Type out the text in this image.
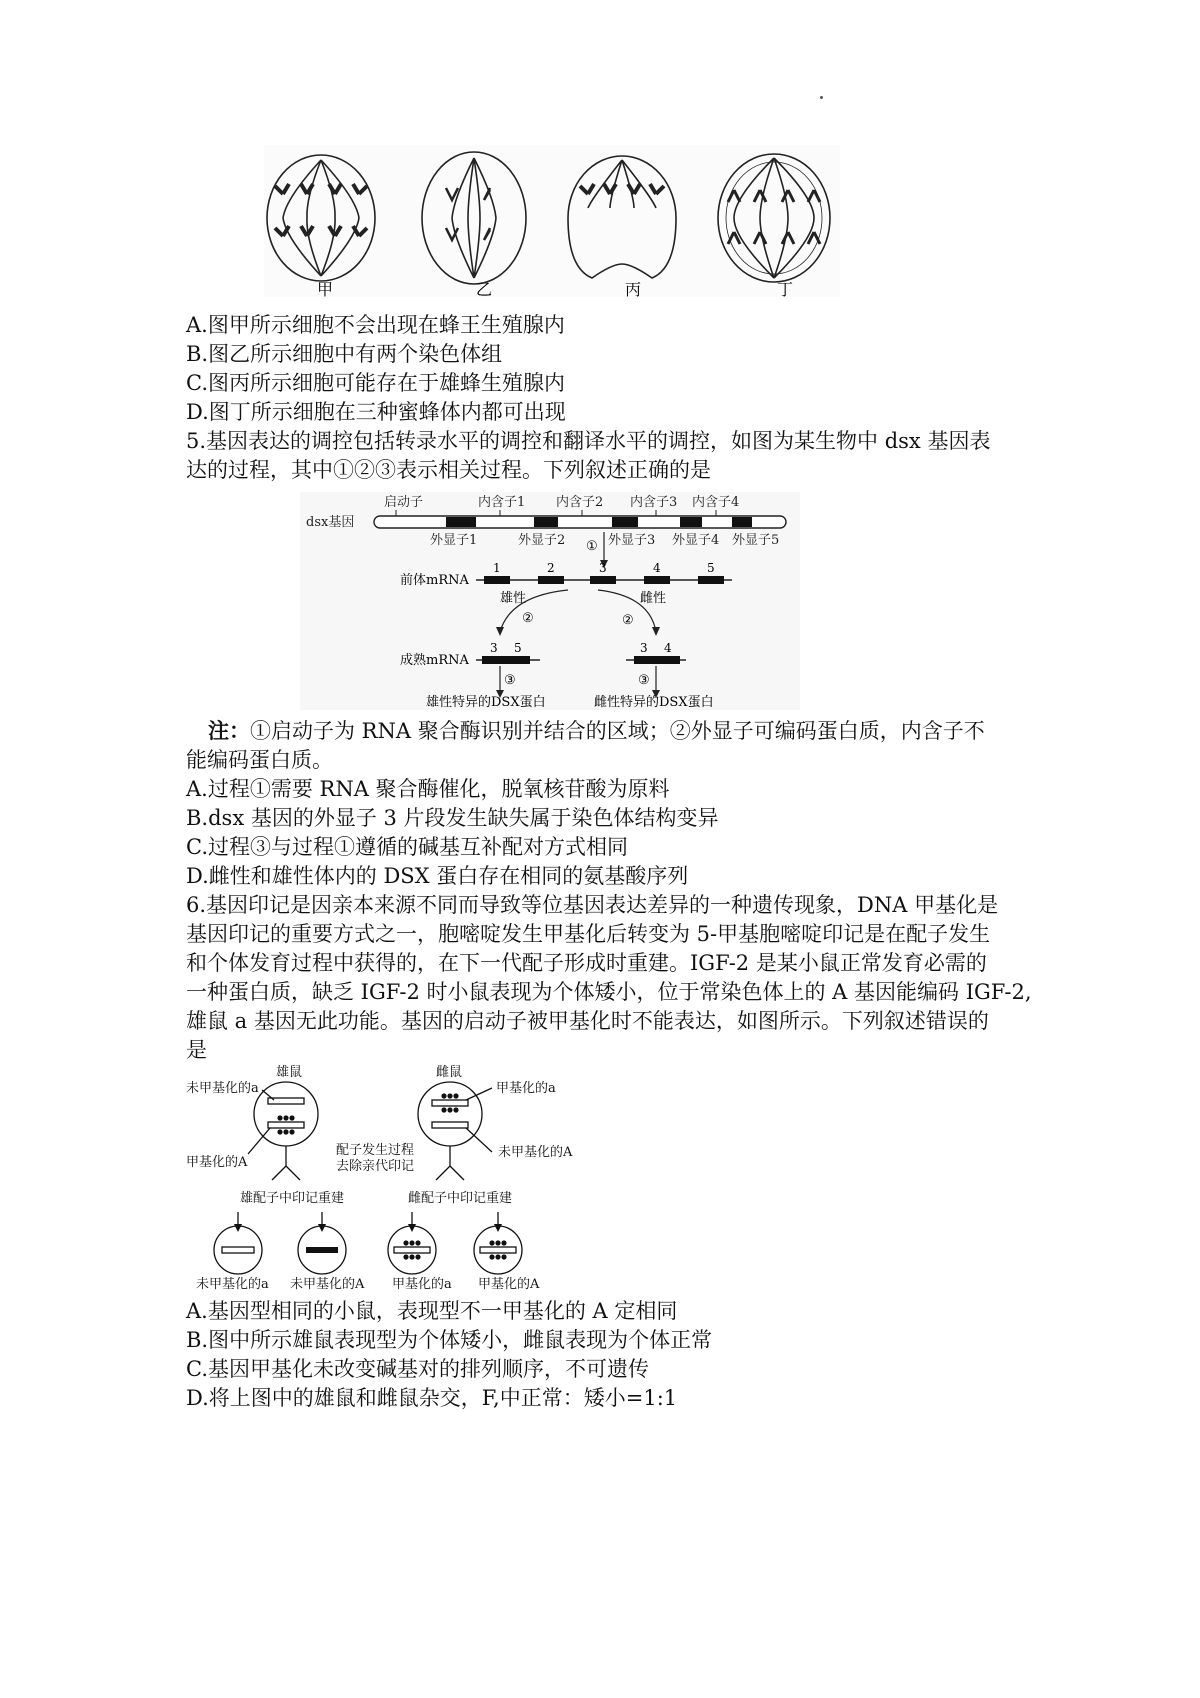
甲	乙	丙	丁
A.图甲所示细胞不会出现在蜂王生殖腺内
B.图乙所示细胞中有两个染色体组
C.图丙所示细胞可能存在于雄蜂生殖腺内
D.图丁所示细胞在三种蜜蜂体内都可出现
5.基因表达的调控包括转录水平的调控和翻译水平的调控，如图为某生物中 dsx 基因表
达的过程，其中①②③表示相关过程。下列叙述正确的是
dsx基因
启动子	内含子1 内含子2 内含子3 内含子4
外显子1	外显子2	外显子3 外显子4 外显子5
①
前体mRNA
1	2	3	4	5
雄性	雌性
②	②
成熟mRNA
3 5	3 4
③	③
雄性特异的DSX蛋白	雌性特异的DSX蛋白
注：①启动子为 RNA 聚合酶识别并结合的区域；②外显子可编码蛋白质，内含子不
能编码蛋白质。
A.过程①需要 RNA 聚合酶催化，脱氧核苷酸为原料
B.dsx 基因的外显子 3 片段发生缺失属于染色体结构变异
C.过程③与过程①遵循的碱基互补配对方式相同
D.雌性和雄性体内的 DSX 蛋白存在相同的氨基酸序列
6.基因印记是因亲本来源不同而导致等位基因表达差异的一种遗传现象，DNA 甲基化是
基因印记的重要方式之一，胞嘧啶发生甲基化后转变为 5-甲基胞嘧啶印记是在配子发生
和个体发育过程中获得的，在下一代配子形成时重建。IGF-2 是某小鼠正常发育必需的
一种蛋白质，缺乏 IGF-2 时小鼠表现为个体矮小，位于常染色体上的 A 基因能编码 IGF-2,
雄鼠 a 基因无此功能。基因的启动子被甲基化时不能表达，如图所示。下列叙述错误的
是
雄鼠	雌鼠
未甲基化的a	甲基化的a
甲基化的A
未甲基化的A
配子发生过程
去除亲代印记
雄配子中印记重建	雌配子中印记重建
未甲基化的a 未甲基化的A 甲基化的a 甲基化的A
A.基因型相同的小鼠，表现型不一甲基化的 A 定相同
B.图中所示雄鼠表现型为个体矮小，雌鼠表现为个体正常
C.基因甲基化未改变碱基对的排列顺序，不可遗传
D.将上图中的雄鼠和雌鼠杂交，F,中正常：矮小=1:1
